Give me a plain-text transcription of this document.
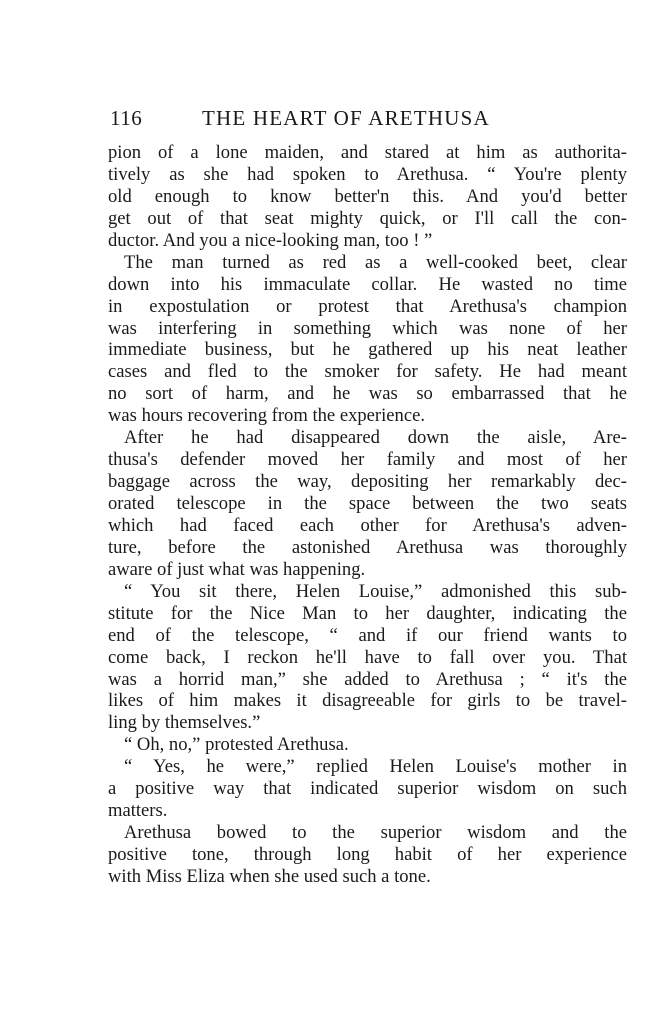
116	THE HEART OF ARETHUSA
pion of a lone maiden, and stared at him as authorita-
tively as she had spoken to Arethusa. “ You're plenty
old enough to know better'n this. And you'd better
get out of that seat mighty quick, or I'll call the con-
ductor. And you a nice-looking man, too ! ”
The man turned as red as a well-cooked beet, clear
down into his immaculate collar. He wasted no time
in expostulation or protest that Arethusa's champion
was interfering in something which was none of her
immediate business, but he gathered up his neat leather
cases and fled to the smoker for safety. He had meant
no sort of harm, and he was so embarrassed that he
was hours recovering from the experience.
After he had disappeared down the aisle, Are-
thusa's defender moved her family and most of her
baggage across the way, depositing her remarkably dec-
orated telescope in the space between the two seats
which had faced each other for Arethusa's adven-
ture, before the astonished Arethusa was thoroughly
aware of just what was happening.
“ You sit there, Helen Louise,” admonished this sub-
stitute for the Nice Man to her daughter, indicating the
end of the telescope, “ and if our friend wants to
come back, I reckon he'll have to fall over you. That
was a horrid man,” she added to Arethusa ; “ it's the
likes of him makes it disagreeable for girls to be travel-
ling by themselves.”
“ Oh, no,” protested Arethusa.
“ Yes, he were,” replied Helen Louise's mother in
a positive way that indicated superior wisdom on such
matters.
Arethusa bowed to the superior wisdom and the
positive tone, through long habit of her experience
with Miss Eliza when she used such a tone.
